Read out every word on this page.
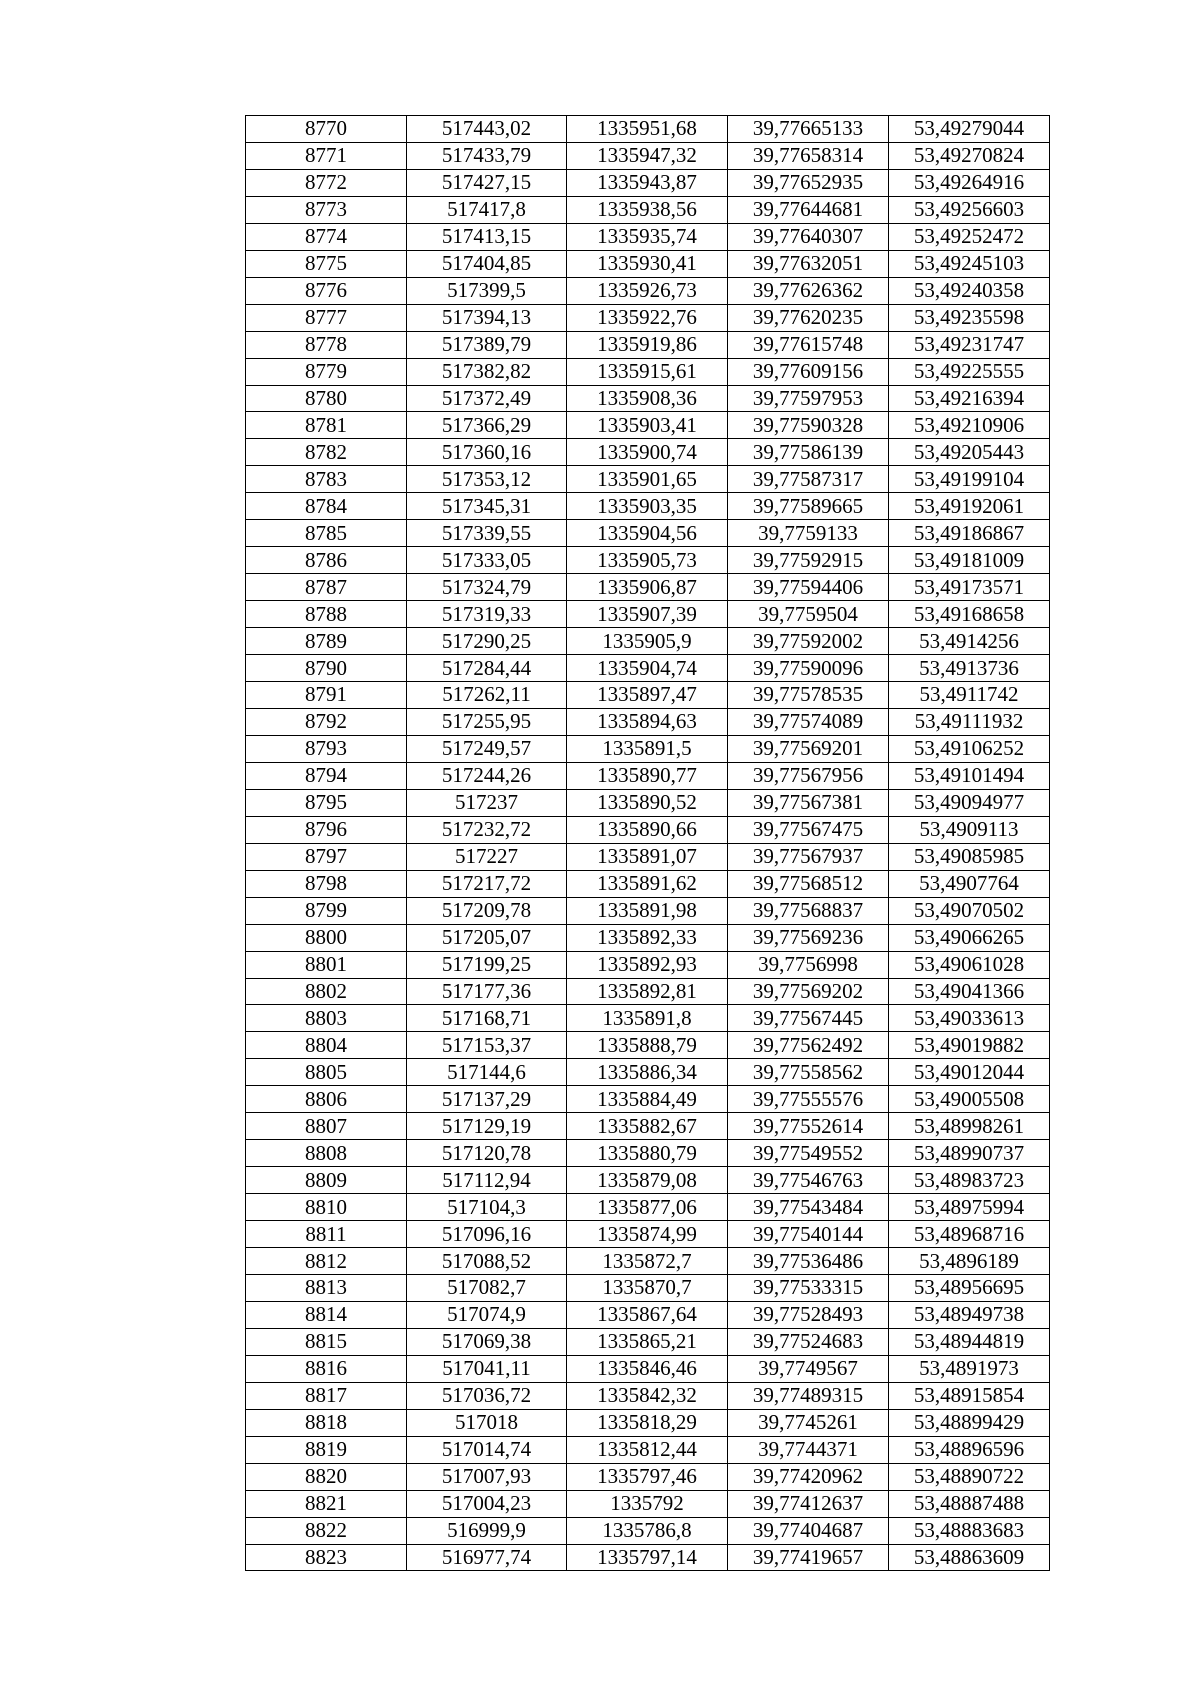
8770	517443,02	1335951,68	39,77665133	53,49279044
8771	517433,79	1335947,32	39,77658314	53,49270824
8772	517427,15	1335943,87	39,77652935	53,49264916
8773	517417,8	1335938,56	39,77644681	53,49256603
8774	517413,15	1335935,74	39,77640307	53,49252472
8775	517404,85	1335930,41	39,77632051	53,49245103
8776	517399,5	1335926,73	39,77626362	53,49240358
8777	517394,13	1335922,76	39,77620235	53,49235598
8778	517389,79	1335919,86	39,77615748	53,49231747
8779	517382,82	1335915,61	39,77609156	53,49225555
8780	517372,49	1335908,36	39,77597953	53,49216394
8781	517366,29	1335903,41	39,77590328	53,49210906
8782	517360,16	1335900,74	39,77586139	53,49205443
8783	517353,12	1335901,65	39,77587317	53,49199104
8784	517345,31	1335903,35	39,77589665	53,49192061
8785	517339,55	1335904,56	39,7759133	53,49186867
8786	517333,05	1335905,73	39,77592915	53,49181009
8787	517324,79	1335906,87	39,77594406	53,49173571
8788	517319,33	1335907,39	39,7759504	53,49168658
8789	517290,25	1335905,9	39,77592002	53,4914256
8790	517284,44	1335904,74	39,77590096	53,4913736
8791	517262,11	1335897,47	39,77578535	53,4911742
8792	517255,95	1335894,63	39,77574089	53,49111932
8793	517249,57	1335891,5	39,77569201	53,49106252
8794	517244,26	1335890,77	39,77567956	53,49101494
8795	517237	1335890,52	39,77567381	53,49094977
8796	517232,72	1335890,66	39,77567475	53,4909113
8797	517227	1335891,07	39,77567937	53,49085985
8798	517217,72	1335891,62	39,77568512	53,4907764
8799	517209,78	1335891,98	39,77568837	53,49070502
8800	517205,07	1335892,33	39,77569236	53,49066265
8801	517199,25	1335892,93	39,7756998	53,49061028
8802	517177,36	1335892,81	39,77569202	53,49041366
8803	517168,71	1335891,8	39,77567445	53,49033613
8804	517153,37	1335888,79	39,77562492	53,49019882
8805	517144,6	1335886,34	39,77558562	53,49012044
8806	517137,29	1335884,49	39,77555576	53,49005508
8807	517129,19	1335882,67	39,77552614	53,48998261
8808	517120,78	1335880,79	39,77549552	53,48990737
8809	517112,94	1335879,08	39,77546763	53,48983723
8810	517104,3	1335877,06	39,77543484	53,48975994
8811	517096,16	1335874,99	39,77540144	53,48968716
8812	517088,52	1335872,7	39,77536486	53,4896189
8813	517082,7	1335870,7	39,77533315	53,48956695
8814	517074,9	1335867,64	39,77528493	53,48949738
8815	517069,38	1335865,21	39,77524683	53,48944819
8816	517041,11	1335846,46	39,7749567	53,4891973
8817	517036,72	1335842,32	39,77489315	53,48915854
8818	517018	1335818,29	39,7745261	53,48899429
8819	517014,74	1335812,44	39,7744371	53,48896596
8820	517007,93	1335797,46	39,77420962	53,48890722
8821	517004,23	1335792	39,77412637	53,48887488
8822	516999,9	1335786,8	39,77404687	53,48883683
8823	516977,74	1335797,14	39,77419657	53,48863609
